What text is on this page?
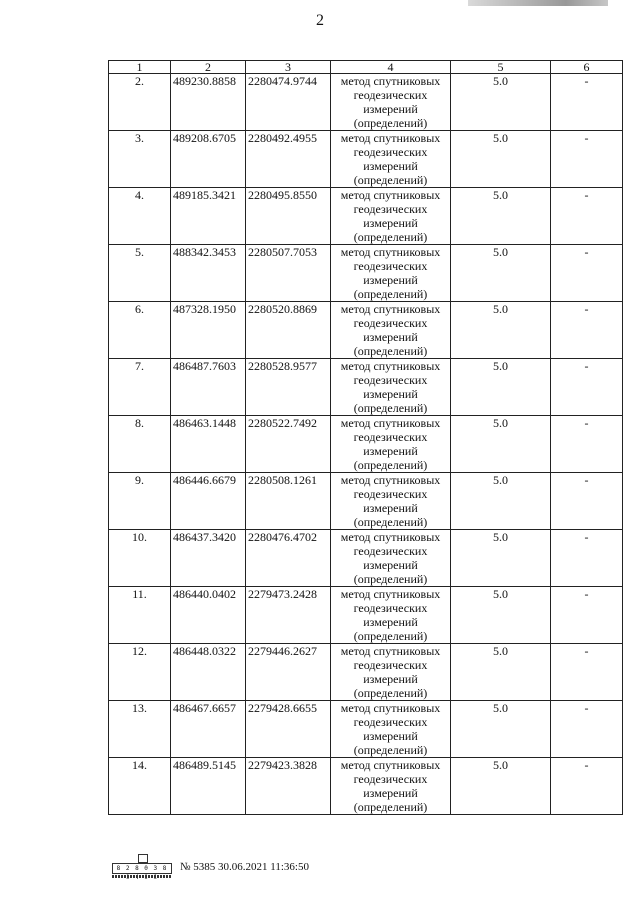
2
1	2	3	4	5	6
2.	489230.8858	2280474.9744	метод спутниковых геодезических измерений (определений)	5.0	-
3.	489208.6705	2280492.4955	метод спутниковых геодезических измерений (определений)	5.0	-
4.	489185.3421	2280495.8550	метод спутниковых геодезических измерений (определений)	5.0	-
5.	488342.3453	2280507.7053	метод спутниковых геодезических измерений (определений)	5.0	-
6.	487328.1950	2280520.8869	метод спутниковых геодезических измерений (определений)	5.0	-
7.	486487.7603	2280528.9577	метод спутниковых геодезических измерений (определений)	5.0	-
8.	486463.1448	2280522.7492	метод спутниковых геодезических измерений (определений)	5.0	-
9.	486446.6679	2280508.1261	метод спутниковых геодезических измерений (определений)	5.0	-
10.	486437.3420	2280476.4702	метод спутниковых геодезических измерений (определений)	5.0	-
11.	486440.0402	2279473.2428	метод спутниковых геодезических измерений (определений)	5.0	-
12.	486448.0322	2279446.2627	метод спутниковых геодезических измерений (определений)	5.0	-
13.	486467.6657	2279428.6655	метод спутниковых геодезических измерений (определений)	5.0	-
14.	486489.5145	2279423.3828	метод спутниковых геодезических измерений (определений)	5.0	-
8 2 8 0 3 8	№ 5385 30.06.2021 11:36:50
